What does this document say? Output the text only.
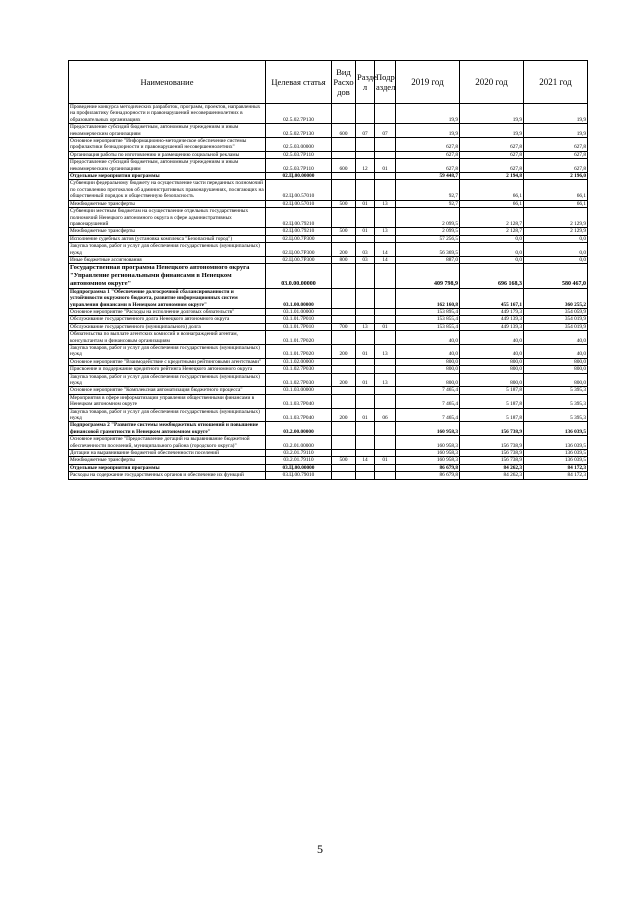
Наименование	Целевая статья	Вид Расхо дов	Разде л	Подр аздел	2019 год	2020 год	2021 год
Проведение конкурса методических разработок, программ, проектов, направленных на профилактику безнадзорности и правонарушений несовершеннолетних в образовательных организациях	02.5.02.7Р130				19,9	19,9	19,9
Предоставление субсидий бюджетным, автономным учреждениям и иным некоммерческим организациям	02.5.02.7Р130	600	07	07	19,9	19,9	19,9
Основное мероприятие "Информационно-методическое обеспечение системы профилактики безнадзорности и правонарушений несовершеннолетних"	02.5.03.00000				627,8	627,8	627,8
Организация работы по изготовлению и размещению социальной рекламы	02.5.03.7Р110				627,8	627,8	627,8
Предоставление субсидий бюджетным, автономным учреждениям и иным некоммерческим организациям	02.5.03.7Р110	600	12	01	627,8	627,8	627,8
Отдельные мероприятия программы	02.Ц.00.00000				59 448,7	2 194,8	2 196,0
Субвенции федеральному бюджету на осуществление части переданных полномочий по составлению протоколов об административных правонарушениях, посягающих на общественный порядок и общественную безопасность	02.Ц.00.57010				92,7	66,1	66,1
Межбюджетные трансферты	02.Ц.00.57010	500	01	13	92,7	66,1	66,1
Субвенции местным бюджетам на осуществление отдельных государственных полномочий Ненецкого автономного округа в сфере административных правонарушений	02.Ц.00.79210				2 099,5	2 128,7	2 129,9
Межбюджетные трансферты	02.Ц.00.79210	500	01	13	2 099,5	2 128,7	2 129,9
Исполнение судебных актов (установка комплекса "Безопасный город")	02.Ц.00.7Р300				57 256,5	0,0	0,0
Закупка товаров, работ и услуг для обеспечения государственных (муниципальных) нужд	02.Ц.00.7Р300	200	03	14	56 369,5	0,0	0,0
Иные бюджетные ассигнования	02.Ц.00.7Р300	800	03	14	887,0	0,0	0,0
Государственная программа Ненецкого автономного округа "Управление региональными финансами в Ненецком автономном округе"	03.0.00.00000				409 798,9	696 168,3	580 467,0
Подпрограмма 1 "Обеспечение долгосрочной сбалансированности и устойчивости окружного бюджета, развитие информационных систем управления финансами в Ненецком автономном округе"	03.1.00.00000				162 160,8	455 167,1	360 255,2
Основное мероприятие "Расходы на исполнение долговых обязательств"	03.1.01.00000				153 895,4	449 179,3	354 059,9
Обслуживание государственного долга Ненецкого автономного округа	03.1.01.7Р010				153 855,4	449 139,3	354 019,9
Обслуживание государственного (муниципального) долга	03.1.01.7Р010	700	13	01	153 855,4	449 139,3	354 019,9
Обязательства по выплате агентских комиссий и вознаграждений агентам, консультантам и финансовым организациям	03.1.01.7Р020				40,0	40,0	40,0
Закупка товаров, работ и услуг для обеспечения государственных (муниципальных) нужд	03.1.01.7Р020	200	01	13	40,0	40,0	40,0
Основное мероприятие "Взаимодействие с кредитными рейтинговыми агентствами"	03.1.02.00000				800,0	800,0	800,0
Присвоение и поддержание кредитного рейтинга Ненецкого автономного округа	03.1.02.7Р030				800,0	800,0	800,0
Закупка товаров, работ и услуг для обеспечения государственных (муниципальных) нужд	03.1.02.7Р030	200	01	13	800,0	800,0	800,0
Основное мероприятие "Комплексная автоматизация бюджетного процесса"	03.1.03.00000				7 465,4	5 187,8	5 395,3
Мероприятия в сфере информатизации управления общественными финансами в Ненецком автономном округе	03.1.03.7Р040				7 465,4	5 187,8	5 395,3
Закупка товаров, работ и услуг для обеспечения государственных (муниципальных) нужд	03.1.03.7Р040	200	01	06	7 465,4	5 187,8	5 395,3
Подпрограмма 2 "Развитие системы межбюджетных отношений и повышение финансовой грамотности в Ненецком автономном округе"	03.2.00.00000				160 958,3	156 738,9	136 039,5
Основное мероприятие "Предоставление дотаций на выравнивание бюджетной обеспеченности поселений, муниципального района (городского округа)"	03.2.01.00000				160 958,3	156 738,9	136 039,5
Дотации на выравнивание бюджетной обеспеченности поселений	03.2.01.79110				160 958,3	156 738,9	136 039,5
Межбюджетные трансферты	03.2.01.79110	500	14	01	160 958,3	156 738,9	136 039,5
Отдельные мероприятия программы	03.Ц.00.00000				86 679,8	84 262,3	84 172,3
Расходы на содержание государственных органов и обеспечение их функций	03.Ц.00.79010				86 679,8	84 262,3	84 172,3
5
